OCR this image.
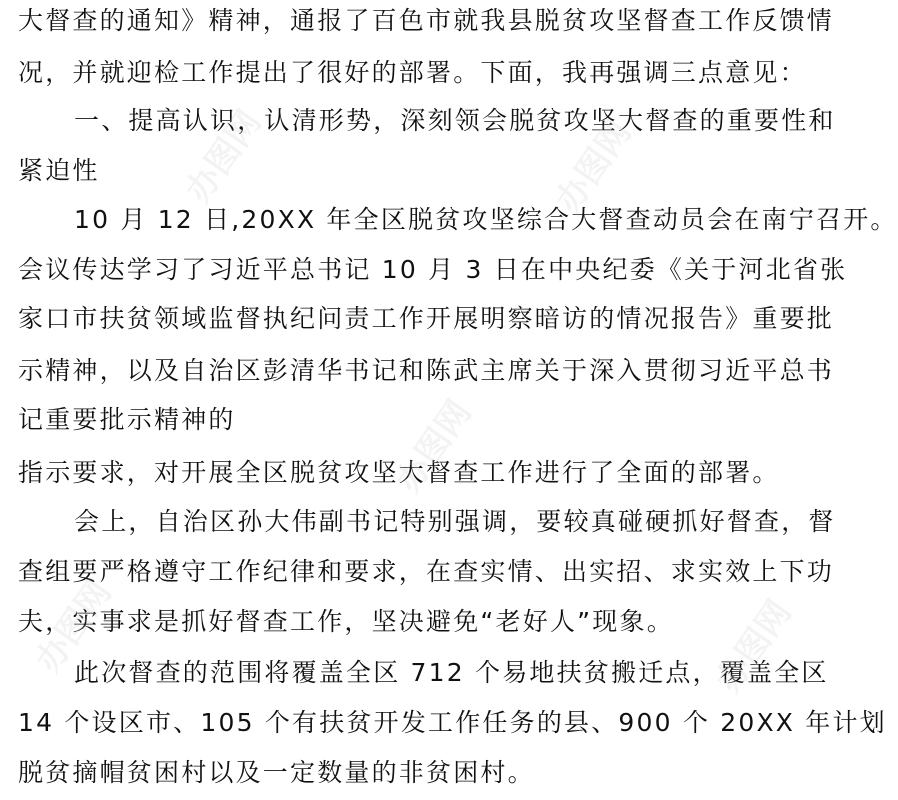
大督查的通知》精神，通报了百色市就我县脱贫攻坚督查工作反馈情
况，并就迎检工作提出了很好的部署。下面，我再强调三点意见：
一、提高认识，认清形势，深刻领会脱贫攻坚大督查的重要性和
紧迫性
10 月 12 日,20XX 年全区脱贫攻坚综合大督查动员会在南宁召开。
会议传达学习了习近平总书记 10 月 3 日在中央纪委《关于河北省张
家口市扶贫领域监督执纪问责工作开展明察暗访的情况报告》重要批
示精神，以及自治区彭清华书记和陈武主席关于深入贯彻习近平总书
记重要批示精神的
指示要求，对开展全区脱贫攻坚大督查工作进行了全面的部署。
会上，自治区孙大伟副书记特别强调，要较真碰硬抓好督查，督
查组要严格遵守工作纪律和要求，在查实情、出实招、求实效上下功
夫，实事求是抓好督查工作，坚决避免“老好人”现象。
此次督查的范围将覆盖全区 712 个易地扶贫搬迁点，覆盖全区
14 个设区市、105 个有扶贫开发工作任务的县、900 个 20XX 年计划
脱贫摘帽贫困村以及一定数量的非贫困村。
办图网	办图网
办图网
办图网	办图网
